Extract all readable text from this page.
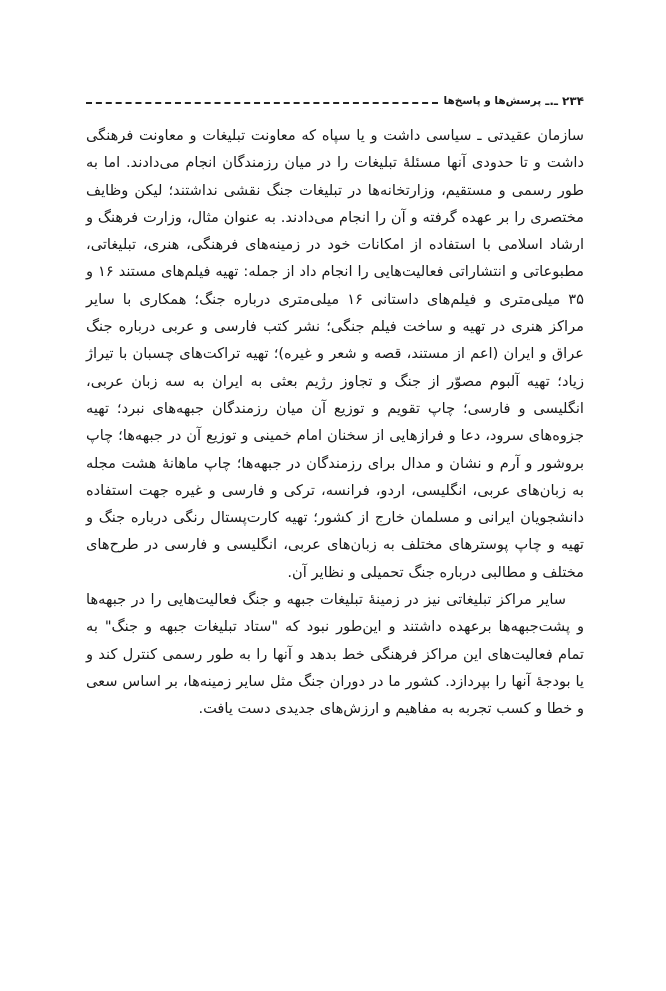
۲۳۴
ـ.ـ
پرسش‌ها و پاسخ‌ها

سازمان عقیدتی ـ سیاسی داشت و یا سپاه که معاونت تبلیغات و معاونت فرهنگی داشت و تا حدودی آنها مسئلهٔ تبلیغات را در میان رزمندگان انجام می‌دادند. اما به طور رسمی و مستقیم، وزارتخانه‌ها در تبلیغات جنگ نقشی نداشتند؛ لیکن وظایف مختصری را بر عهده گرفته و آن را انجام می‌دادند. به عنوان مثال، وزارت فرهنگ و ارشاد اسلامی با استفاده از امکانات خود در زمینه‌های فرهنگی، هنری، تبلیغاتی، مطبوعاتی و انتشاراتی فعالیت‌هایی را انجام داد از جمله: تهیه فیلم‌های مستند ۱۶ و ۳۵ میلی‌متری و فیلم‌های داستانی ۱۶ میلی‌متری درباره جنگ؛ همکاری با سایر مراکز هنری در تهیه و ساخت فیلم جنگی؛ نشر کتب فارسی و عربی درباره جنگ عراق و ایران (اعم از مستند، قصه و شعر و غیره)؛ تهیه تراکت‌های چسبان با تیراژ زیاد؛ تهیه آلبوم مصوّر از جنگ و تجاوز رژیم بعثی به ایران به سه زبان عربی، انگلیسی و فارسی؛ چاپ تقویم و توزیع آن میان رزمندگان جبهه‌های نبرد؛ تهیه جزوه‌های سرود، دعا و فرازهایی از سخنان امام خمینی و توزیع آن در جبهه‌ها؛ چاپ بروشور و آرم و نشان و مدال برای رزمندگان در جبهه‌ها؛ چاپ ماهانهٔ هشت مجله به زبان‌های عربی، انگلیسی، اردو، فرانسه، ترکی و فارسی و غیره جهت استفاده دانشجویان ایرانی و مسلمان خارج از کشور؛ تهیه کارت‌پستال رنگی درباره جنگ و تهیه و چاپ پوسترهای مختلف به زبان‌های عربی، انگلیسی و فارسی در طرح‌های مختلف و مطالبی درباره جنگ تحمیلی و نظایر آن.

سایر مراکز تبلیغاتی نیز در زمینهٔ تبلیغات جبهه و جنگ فعالیت‌هایی را در جبهه‌ها و پشت‌جبهه‌ها برعهده داشتند و این‌طور نبود که "ستاد تبلیغات جبهه و جنگ" به تمام فعالیت‌های این مراکز فرهنگی خط بدهد و آنها را به طور رسمی کنترل کند و یا بودجهٔ آنها را بپردازد. کشور ما در دوران جنگ مثل سایر زمینه‌ها، بر اساس سعی و خطا و کسب تجربه به مفاهیم و ارزش‌های جدیدی دست یافت.
